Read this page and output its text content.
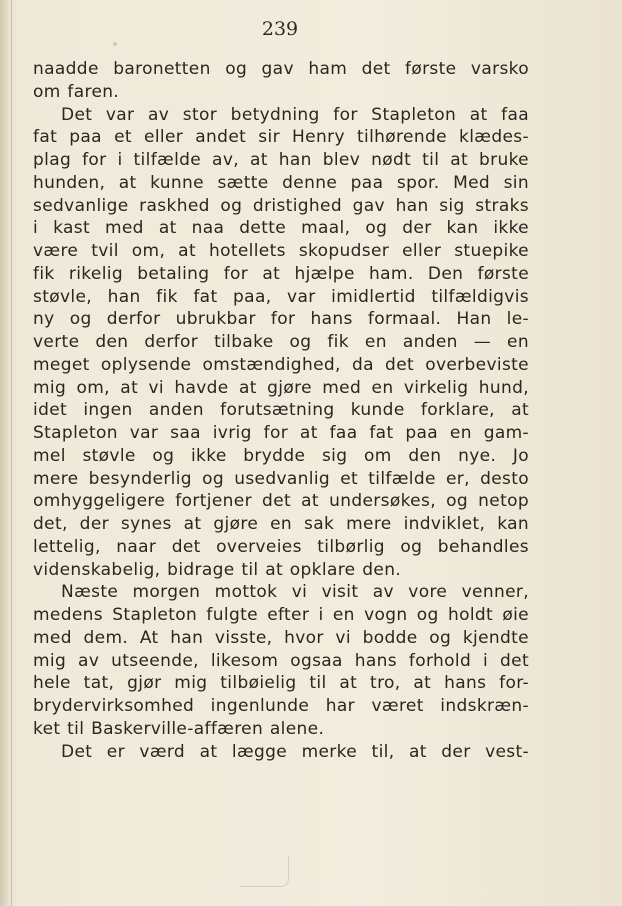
239
naadde baronetten og gav ham det første varsko
om faren.
Det var av stor betydning for Stapleton at faa
fat paa et eller andet sir Henry tilhørende klædes-
plag for i tilfælde av, at han blev nødt til at bruke
hunden, at kunne sætte denne paa spor. Med sin
sedvanlige raskhed og dristighed gav han sig straks
i kast med at naa dette maal, og der kan ikke
være tvil om, at hotellets skopudser eller stuepike
fik rikelig betaling for at hjælpe ham. Den første
støvle, han fik fat paa, var imidlertid tilfældigvis
ny og derfor ubrukbar for hans formaal. Han le-
verte den derfor tilbake og fik en anden — en
meget oplysende omstændighed, da det overbeviste
mig om, at vi havde at gjøre med en virkelig hund,
idet ingen anden forutsætning kunde forklare, at
Stapleton var saa ivrig for at faa fat paa en gam-
mel støvle og ikke brydde sig om den nye. Jo
mere besynderlig og usedvanlig et tilfælde er, desto
omhyggeligere fortjener det at undersøkes, og netop
det, der synes at gjøre en sak mere indviklet, kan
lettelig, naar det overveies tilbørlig og behandles
videnskabelig, bidrage til at opklare den.
Næste morgen mottok vi visit av vore venner,
medens Stapleton fulgte efter i en vogn og holdt øie
med dem. At han visste, hvor vi bodde og kjendte
mig av utseende, likesom ogsaa hans forhold i det
hele tat, gjør mig tilbøielig til at tro, at hans for-
brydervirksomhed ingenlunde har været indskræn-
ket til Baskerville-affæren alene.
Det er værd at lægge merke til, at der vest-
